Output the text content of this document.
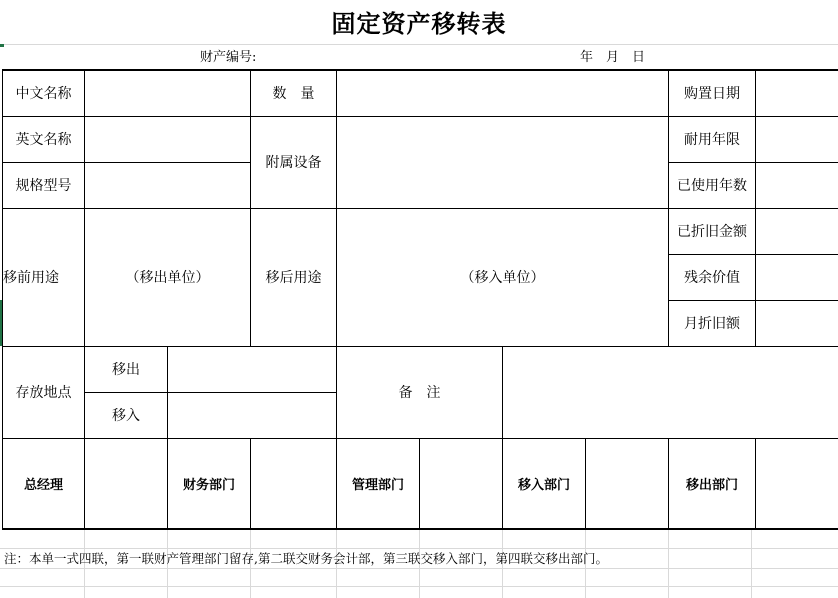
固定资产移转表
财产编号:	年 月 日
中文名称			数　量					购置日期	
英文名称			附属设备					耐用年限	
规格型号								已使用年数	
移前用途	（移出单位）		移后用途	（移入单位）				已折旧金额	
								残余价值	
								月折旧额	
存放地点	移出			备　注					
	移入								
总经理		财务部门		管理部门		移入部门		移出部门	
注：本单一式四联，第一联财产管理部门留存,第二联交财务会计部，第三联交移入部门，第四联交移出部门。
